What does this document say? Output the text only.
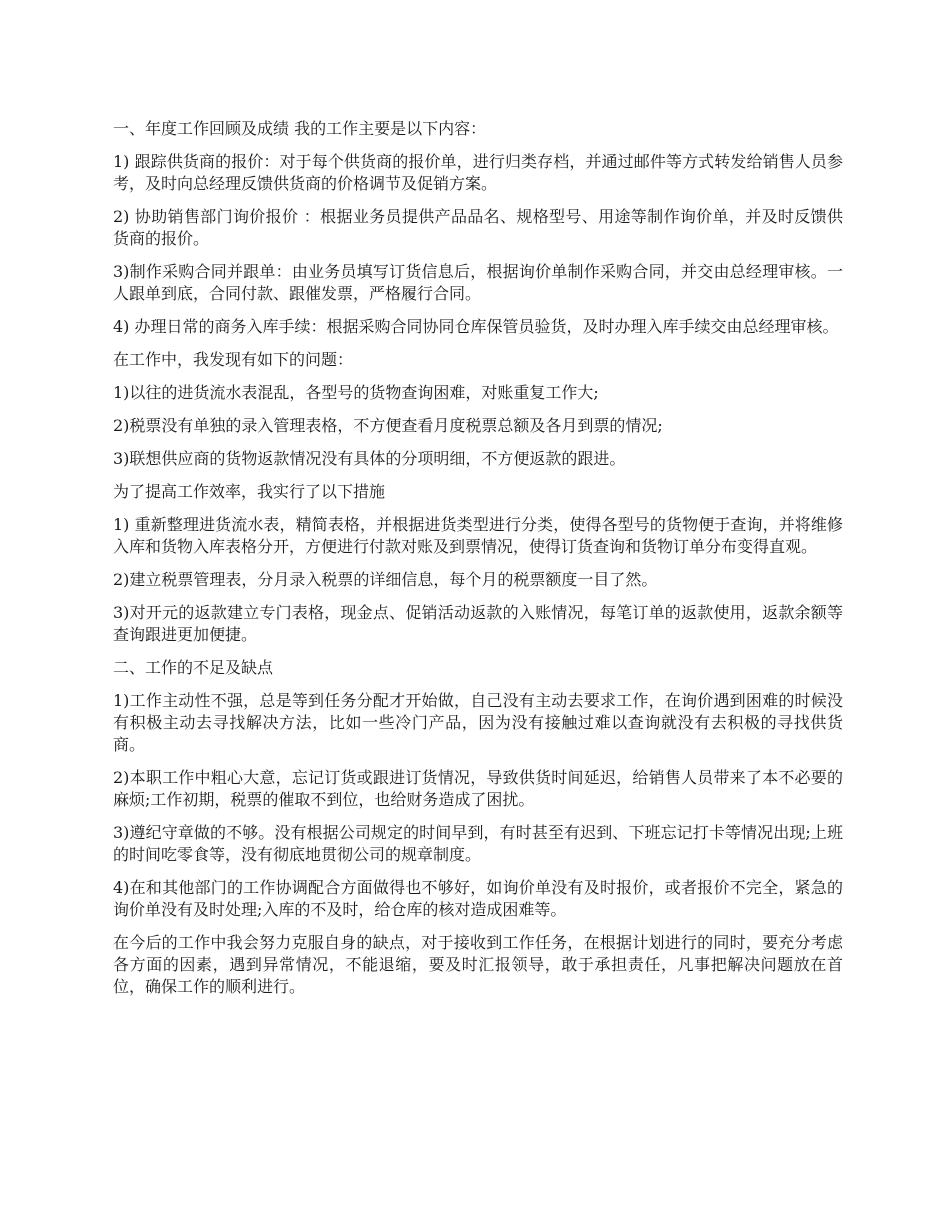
一、年度工作回顾及成绩 我的工作主要是以下内容：

1) 跟踪供货商的报价：对于每个供货商的报价单，进行归类存档，并通过邮件等方式转发给销售人员参考，及时向总经理反馈供货商的价格调节及促销方案。

2) 协助销售部门询价报价 ：根据业务员提供产品品名、规格型号、用途等制作询价单，并及时反馈供货商的报价。

3)制作采购合同并跟单：由业务员填写订货信息后，根据询价单制作采购合同，并交由总经理审核。一人跟单到底，合同付款、跟催发票，严格履行合同。

4) 办理日常的商务入库手续：根据采购合同协同仓库保管员验货，及时办理入库手续交由总经理审核。

在工作中，我发现有如下的问题：

1)以往的进货流水表混乱，各型号的货物查询困难，对账重复工作大;

2)税票没有单独的录入管理表格，不方便查看月度税票总额及各月到票的情况;

3)联想供应商的货物返款情况没有具体的分项明细，不方便返款的跟进。

为了提高工作效率，我实行了以下措施

1) 重新整理进货流水表，精简表格，并根据进货类型进行分类，使得各型号的货物便于查询，并将维修入库和货物入库表格分开，方便进行付款对账及到票情况，使得订货查询和货物订单分布变得直观。

2)建立税票管理表，分月录入税票的详细信息，每个月的税票额度一目了然。

3)对开元的返款建立专门表格，现金点、促销活动返款的入账情况，每笔订单的返款使用，返款余额等查询跟进更加便捷。

二、工作的不足及缺点

1)工作主动性不强，总是等到任务分配才开始做，自己没有主动去要求工作，在询价遇到困难的时候没有积极主动去寻找解决方法，比如一些冷门产品，因为没有接触过难以查询就没有去积极的寻找供货商。

2)本职工作中粗心大意，忘记订货或跟进订货情况，导致供货时间延迟，给销售人员带来了本不必要的麻烦;工作初期，税票的催取不到位，也给财务造成了困扰。

3)遵纪守章做的不够。没有根据公司规定的时间早到，有时甚至有迟到、下班忘记打卡等情况出现;上班的时间吃零食等，没有彻底地贯彻公司的规章制度。

4)在和其他部门的工作协调配合方面做得也不够好，如询价单没有及时报价，或者报价不完全，紧急的询价单没有及时处理;入库的不及时，给仓库的核对造成困难等。

在今后的工作中我会努力克服自身的缺点，对于接收到工作任务，在根据计划进行的同时，要充分考虑各方面的因素，遇到异常情况，不能退缩，要及时汇报领导，敢于承担责任，凡事把解决问题放在首位，确保工作的顺利进行。
